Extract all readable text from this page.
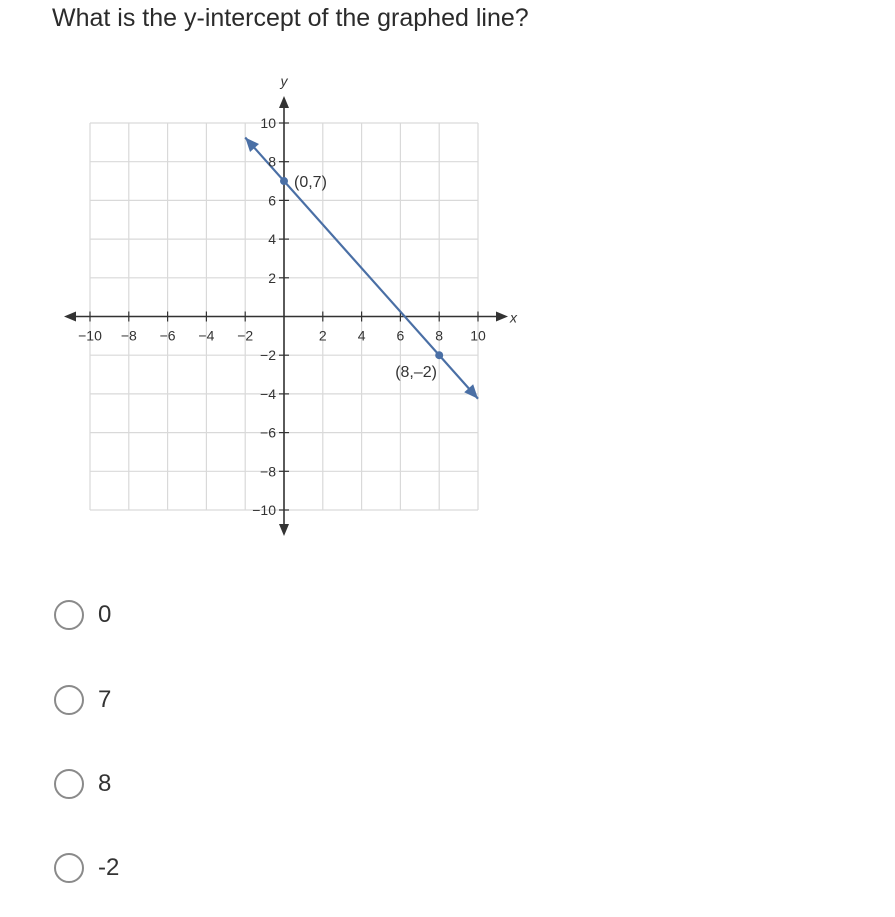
What is the y-intercept of the graphed line?
x
y
−10 −8 −6 −4 −2	2 4 6 8 10
10
8
6
4
2
−2
−4
−6
−8
−10
(0,7)
(8,–2)
0
7
8
-2
